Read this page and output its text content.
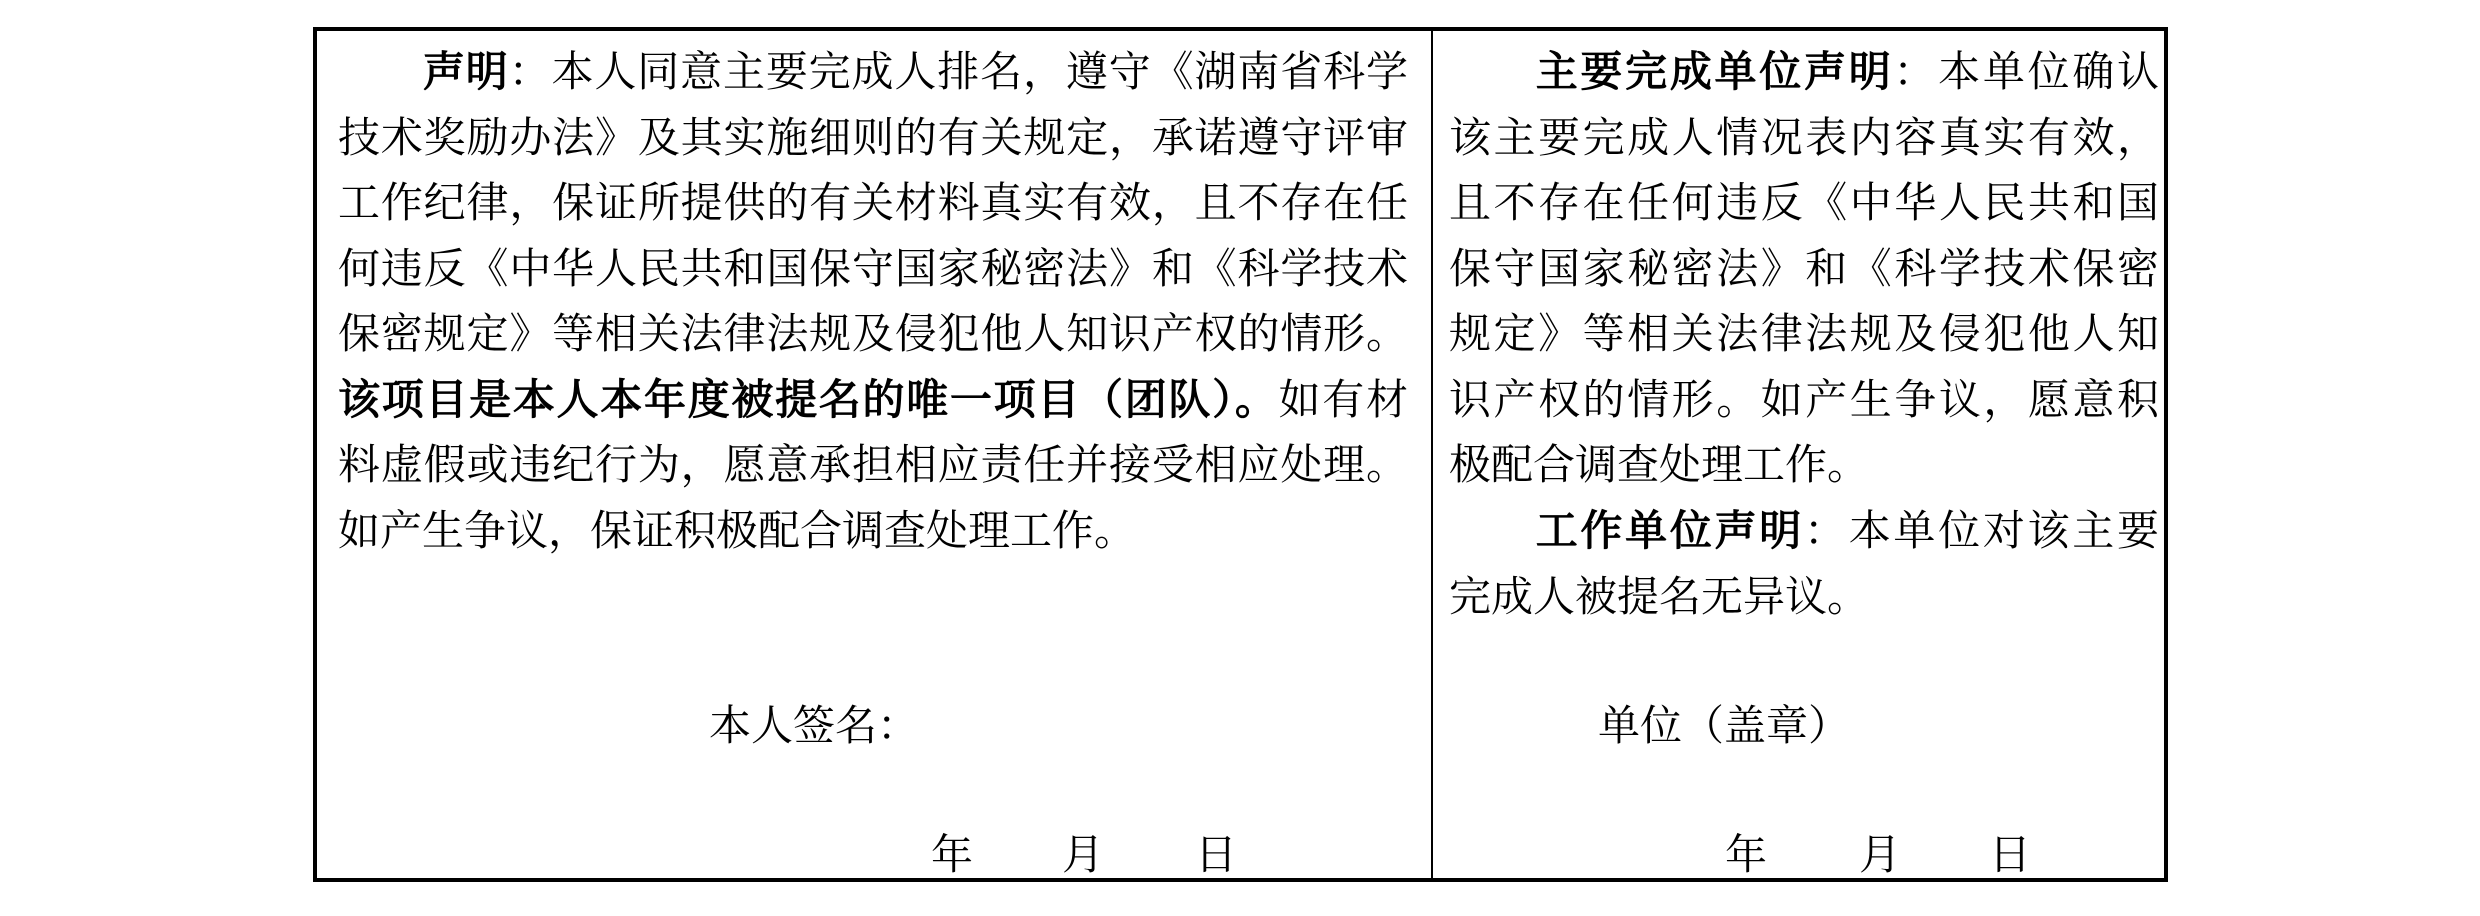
声明：本人同意主要完成人排名，遵守《湖南省科学技术奖励办法》及其实施细则的有关规定，承诺遵守评审工作纪律，保证所提供的有关材料真实有效，且不存在任何违反《中华人民共和国保守国家秘密法》和《科学技术保密规定》等相关法律法规及侵犯他人知识产权的情形。该项目是本人本年度被提名的唯一项目（团队）。如有材料虚假或违纪行为，愿意承担相应责任并接受相应处理。如产生争议，保证积极配合调查处理工作。

本人签名：
年 月 日

主要完成单位声明：本单位确认该主要完成人情况表内容真实有效，且不存在任何违反《中华人民共和国保守国家秘密法》和《科学技术保密规定》等相关法律法规及侵犯他人知识产权的情形。如产生争议，愿意积极配合调查处理工作。

工作单位声明：本单位对该主要完成人被提名无异议。

单位（盖章）
年 月 日
